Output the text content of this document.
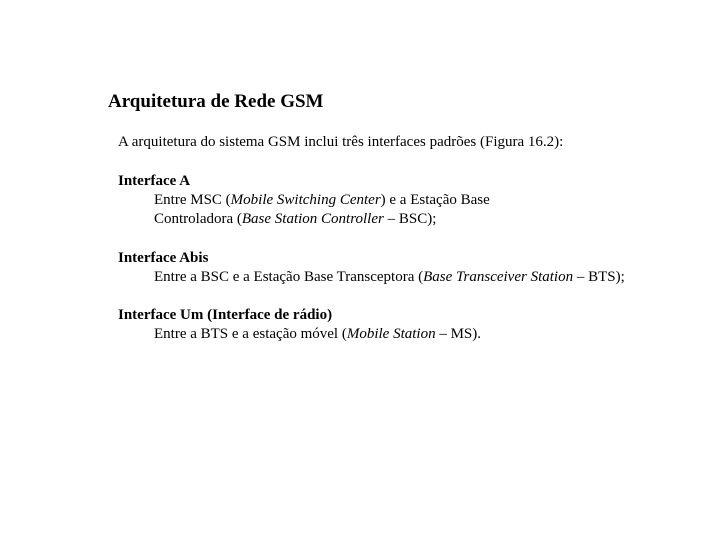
Arquitetura de Rede GSM

A arquitetura do sistema GSM inclui três interfaces padrões (Figura 16.2):

Interface A

Entre MSC (Mobile Switching Center) e a Estação Base

Controladora (Base Station Controller – BSC);

Interface Abis

Entre a BSC e a Estação Base Transceptora (Base Transceiver Station – BTS);

Interface Um (Interface de rádio)

Entre a BTS e a estação móvel (Mobile Station – MS).
